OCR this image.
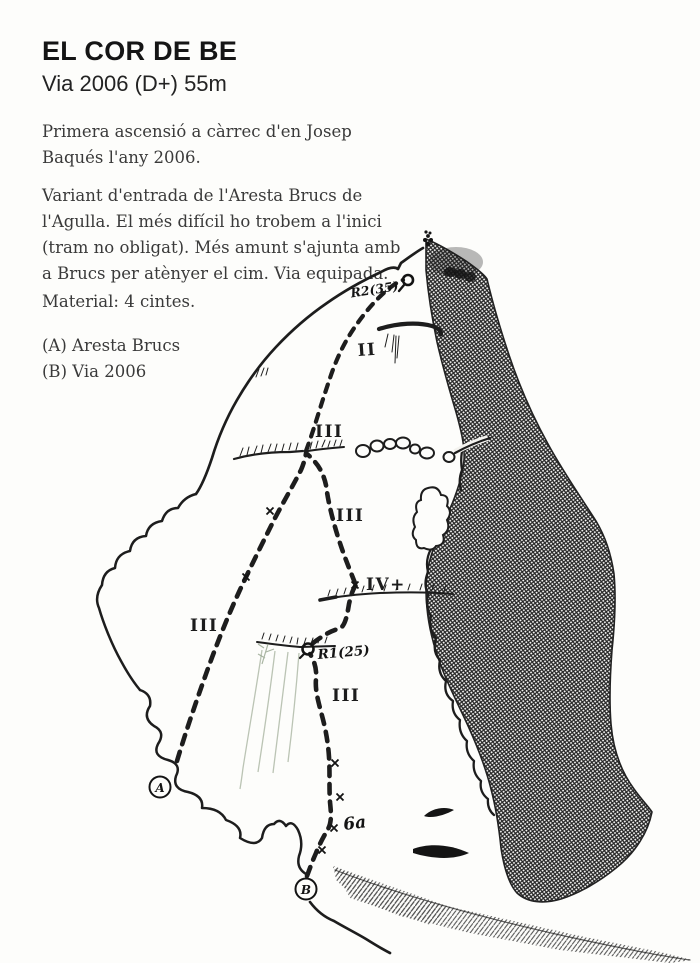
EL COR DE BE
Via 2006 (D+) 55m
Primera ascensió a càrrec d'en Josep
Baqués l'any 2006.
Variant d'entrada de l'Aresta Brucs de
l'Agulla. El més difícil ho trobem a l'inici
(tram no obligat). Més amunt s'ajunta amb
a Brucs per atènyer el cim. Via equipada.
Material: 4 cintes.
(A) Aresta Brucs
(B) Via 2006
R2(35)
R1(25)
II
III
III
IV+
III
III
6a
A
B
